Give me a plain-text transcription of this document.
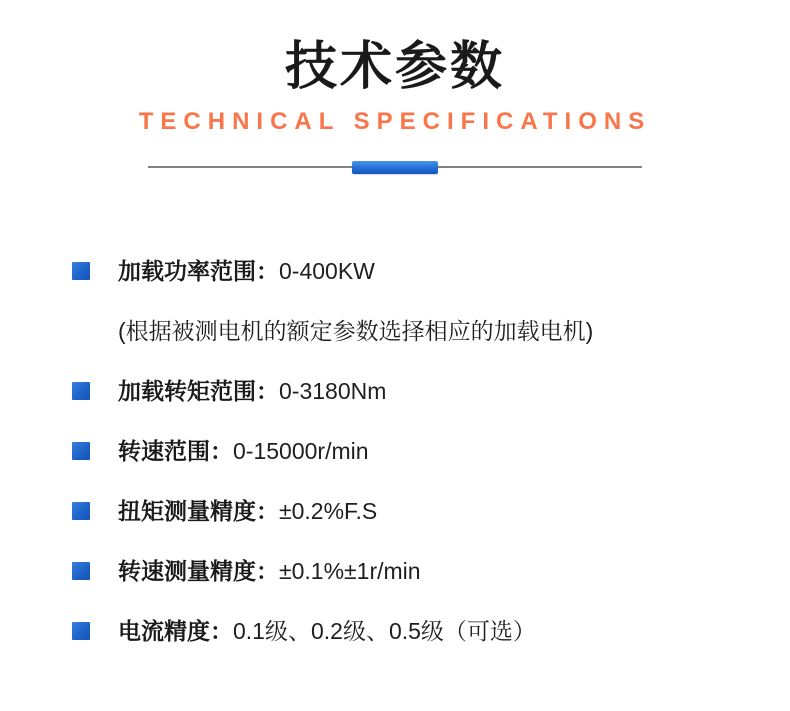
技术参数
TECHNICAL SPECIFICATIONS
加载功率范围： 0-400KW
(根据被测电机的额定参数选择相应的加载电机)
加载转矩范围： 0-3180Nm
转速范围： 0-15000r/min
扭矩测量精度： ±0.2%F.S
转速测量精度： ±0.1%±1r/min
电流精度： 0.1级、0.2级、0.5级（可选）
